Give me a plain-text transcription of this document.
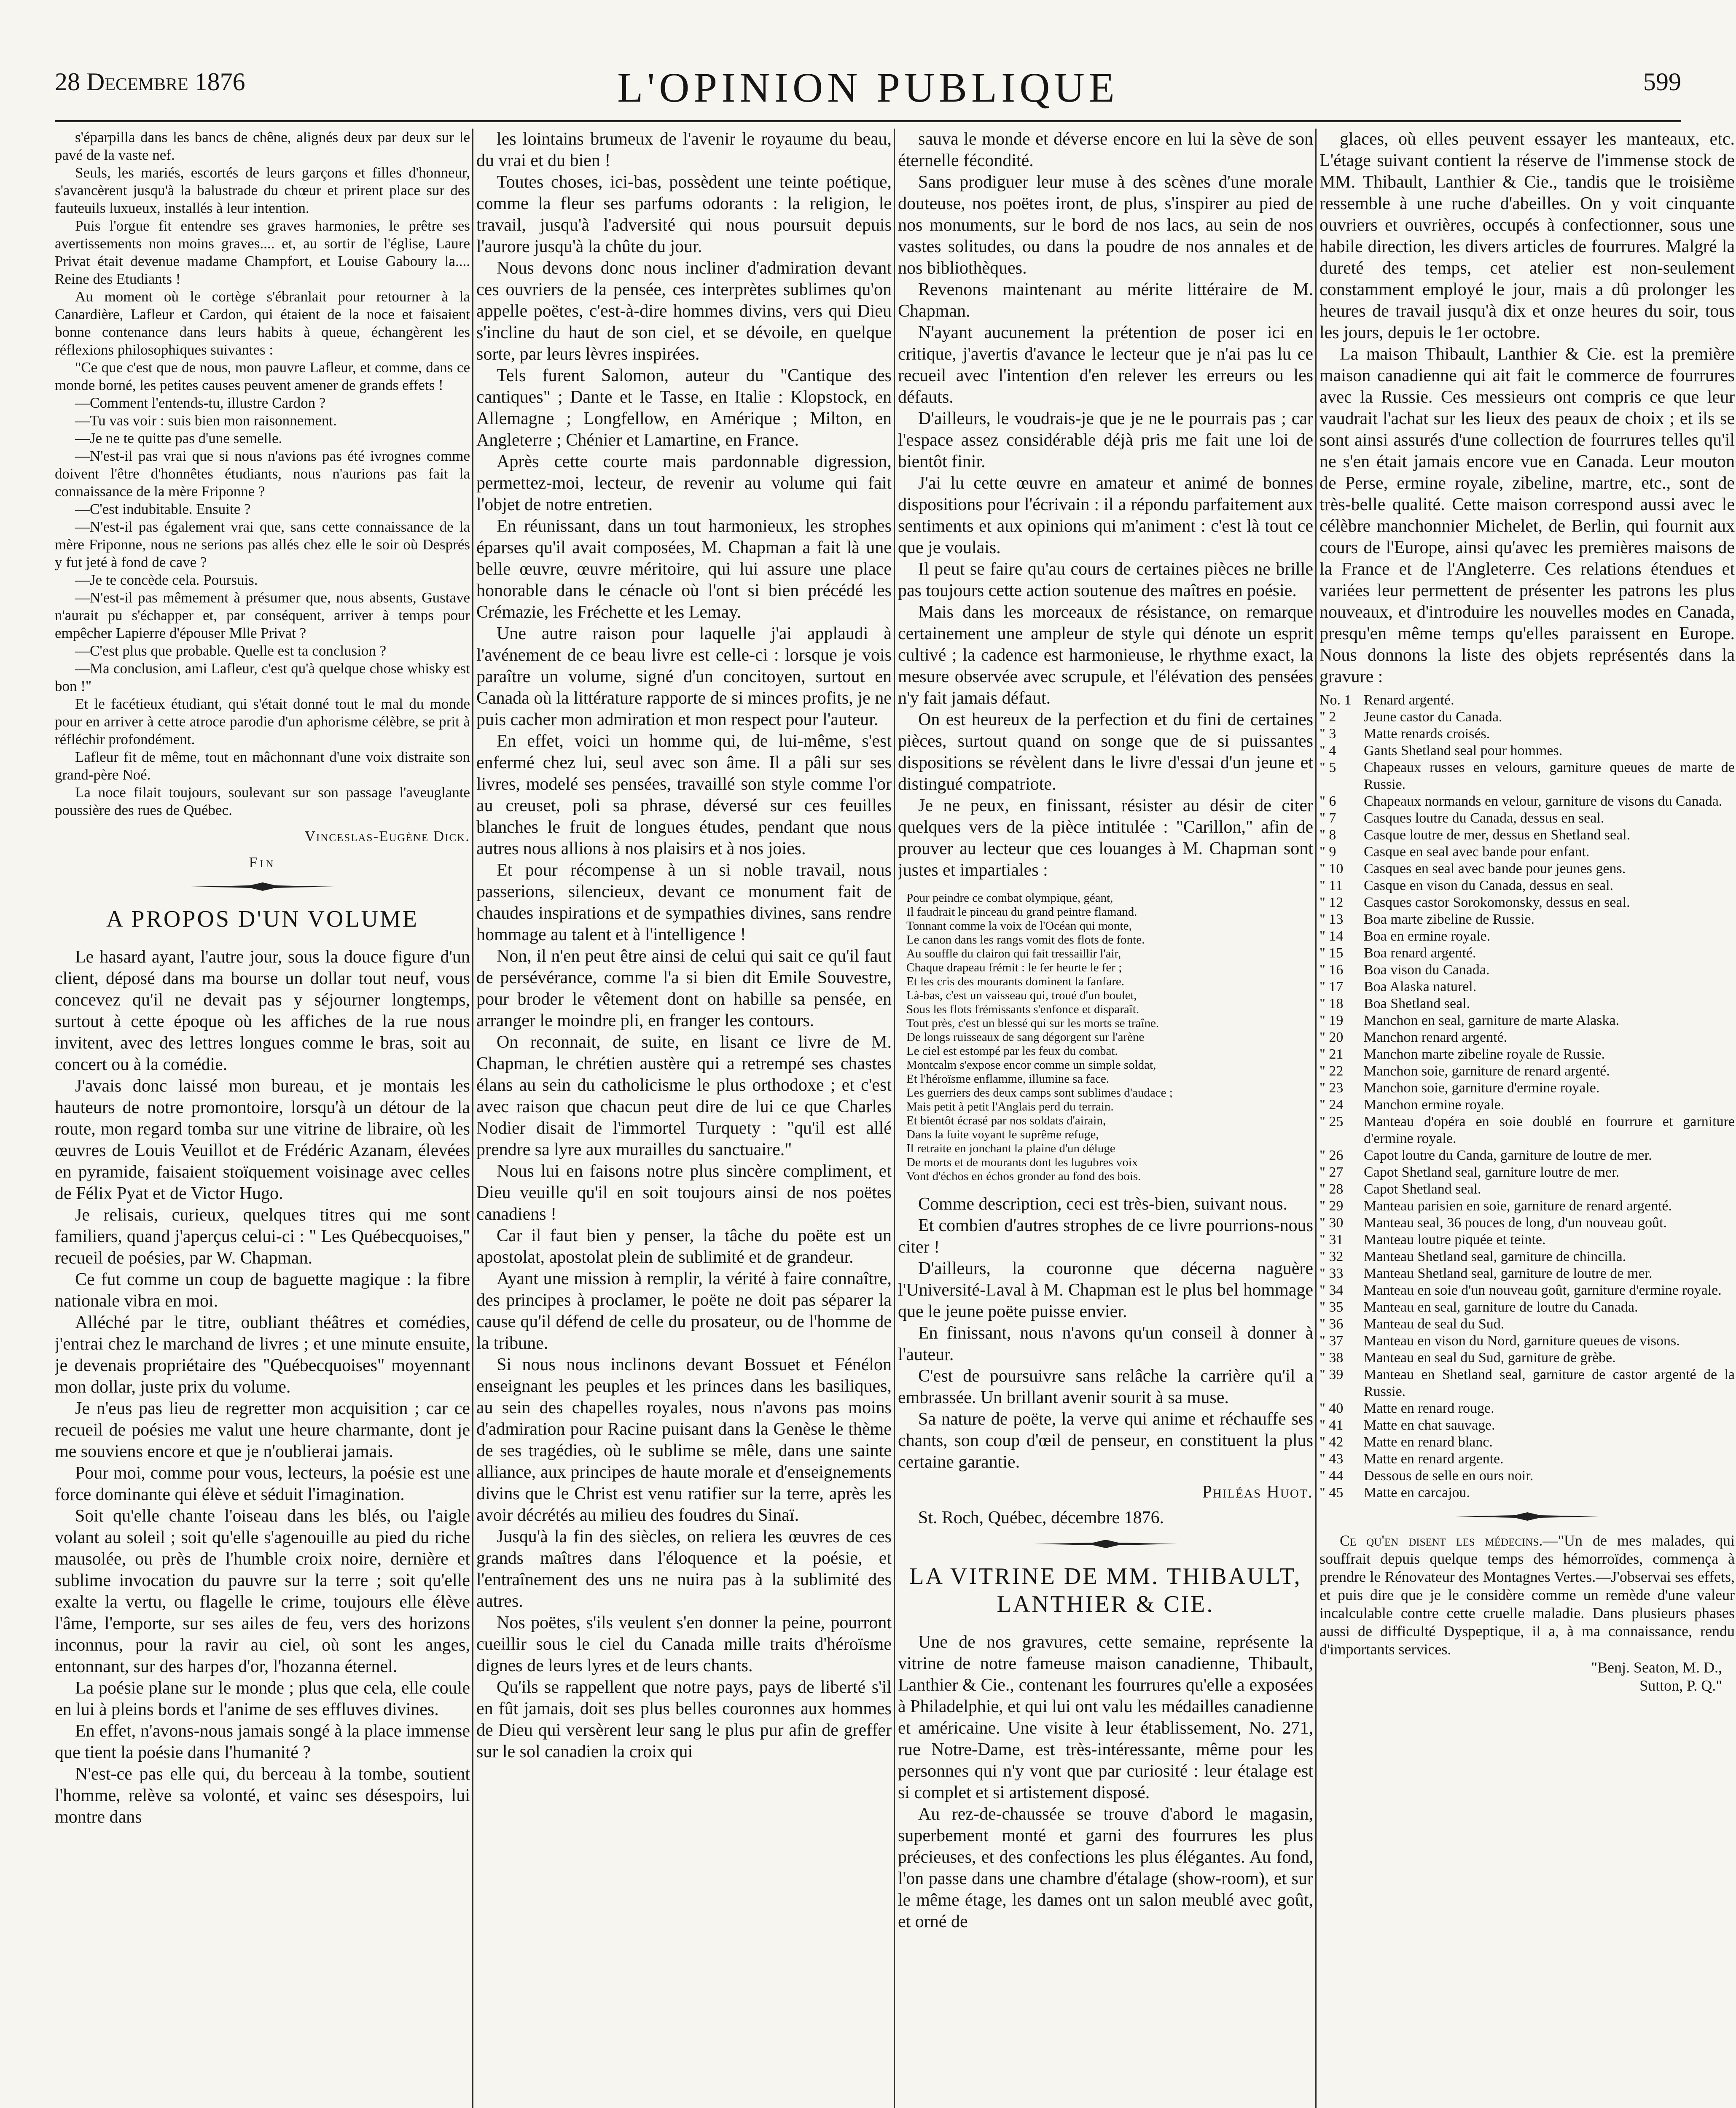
28 Decembre 1876	L'OPINION PUBLIQUE	599
s'éparpilla dans les bancs de chêne, alignés deux par deux sur le pavé de la vaste nef.
Seuls, les mariés, escortés de leurs garçons et filles d'honneur, s'avancèrent jusqu'à la balustrade du chœur et prirent place sur des fauteuils luxueux, installés à leur intention.
Puis l'orgue fit entendre ses graves harmonies, le prêtre ses avertissements non moins graves.... et, au sortir de l'église, Laure Privat était devenue madame Champfort, et Louise Gaboury la.... Reine des Etudiants !
Au moment où le cortège s'ébranlait pour retourner à la Canardière, Lafleur et Cardon, qui étaient de la noce et faisaient bonne contenance dans leurs habits à queue, échangèrent les réflexions philosophiques suivantes :
"Ce que c'est que de nous, mon pauvre Lafleur, et comme, dans ce monde borné, les petites causes peuvent amener de grands effets !
—Comment l'entends-tu, illustre Cardon ?
—Tu vas voir : suis bien mon raisonnement.
—Je ne te quitte pas d'une semelle.
—N'est-il pas vrai que si nous n'avions pas été ivrognes comme doivent l'être d'honnêtes étudiants, nous n'aurions pas fait la connaissance de la mère Friponne ?
—C'est indubitable. Ensuite ?
—N'est-il pas également vrai que, sans cette connaissance de la mère Friponne, nous ne serions pas allés chez elle le soir où Després y fut jeté à fond de cave ?
—Je te concède cela. Poursuis.
—N'est-il pas mêmement à présumer que, nous absents, Gustave n'aurait pu s'échapper et, par conséquent, arriver à temps pour empêcher Lapierre d'épouser Mlle Privat ?
—C'est plus que probable. Quelle est ta conclusion ?
—Ma conclusion, ami Lafleur, c'est qu'à quelque chose whisky est bon !"
Et le facétieux étudiant, qui s'était donné tout le mal du monde pour en arriver à cette atroce parodie d'un aphorisme célèbre, se prit à réfléchir profondément.
Lafleur fit de même, tout en mâchonnant d'une voix distraite son grand-père Noé.
La noce filait toujours, soulevant sur son passage l'aveuglante poussière des rues de Québec.
Vinceslas-Eugène Dick.
Fin
A PROPOS D'UN VOLUME
Le hasard ayant, l'autre jour, sous la douce figure d'un client, déposé dans ma bourse un dollar tout neuf, vous concevez qu'il ne devait pas y séjourner longtemps, surtout à cette époque où les affiches de la rue nous invitent, avec des lettres longues comme le bras, soit au concert ou à la comédie.
J'avais donc laissé mon bureau, et je montais les hauteurs de notre promontoire, lorsqu'à un détour de la route, mon regard tomba sur une vitrine de libraire, où les œuvres de Louis Veuillot et de Frédéric Azanam, élevées en pyramide, faisaient stoïquement voisinage avec celles de Félix Pyat et de Victor Hugo.
Je relisais, curieux, quelques titres qui me sont familiers, quand j'aperçus celui-ci : " Les Québecquoises," recueil de poésies, par W. Chapman.
Ce fut comme un coup de baguette magique : la fibre nationale vibra en moi.
Alléché par le titre, oubliant théâtres et comédies, j'entrai chez le marchand de livres ; et une minute ensuite, je devenais propriétaire des "Québecquoises" moyennant mon dollar, juste prix du volume.
Je n'eus pas lieu de regretter mon acquisition ; car ce recueil de poésies me valut une heure charmante, dont je me souviens encore et que je n'oublierai jamais.
Pour moi, comme pour vous, lecteurs, la poésie est une force dominante qui élève et séduit l'imagination.
Soit qu'elle chante l'oiseau dans les blés, ou l'aigle volant au soleil ; soit qu'elle s'agenouille au pied du riche mausolée, ou près de l'humble croix noire, dernière et sublime invocation du pauvre sur la terre ; soit qu'elle exalte la vertu, ou flagelle le crime, toujours elle élève l'âme, l'emporte, sur ses ailes de feu, vers des horizons inconnus, pour la ravir au ciel, où sont les anges, entonnant, sur des harpes d'or, l'hozanna éternel.
La poésie plane sur le monde ; plus que cela, elle coule en lui à pleins bords et l'anime de ses effluves divines.
En effet, n'avons-nous jamais songé à la place immense que tient la poésie dans l'humanité ?
N'est-ce pas elle qui, du berceau à la tombe, soutient l'homme, relève sa volonté, et vainc ses désespoirs, lui montre dans
les lointains brumeux de l'avenir le royaume du beau, du vrai et du bien !
Toutes choses, ici-bas, possèdent une teinte poétique, comme la fleur ses parfums odorants : la religion, le travail, jusqu'à l'adversité qui nous poursuit depuis l'aurore jusqu'à la chûte du jour.
Nous devons donc nous incliner d'admiration devant ces ouvriers de la pensée, ces interprètes sublimes qu'on appelle poëtes, c'est-à-dire hommes divins, vers qui Dieu s'incline du haut de son ciel, et se dévoile, en quelque sorte, par leurs lèvres inspirées.
Tels furent Salomon, auteur du "Cantique des cantiques" ; Dante et le Tasse, en Italie : Klopstock, en Allemagne ; Longfellow, en Amérique ; Milton, en Angleterre ; Chénier et Lamartine, en France.
Après cette courte mais pardonnable digression, permettez-moi, lecteur, de revenir au volume qui fait l'objet de notre entretien.
En réunissant, dans un tout harmonieux, les strophes éparses qu'il avait composées, M. Chapman a fait là une belle œuvre, œuvre méritoire, qui lui assure une place honorable dans le cénacle où l'ont si bien précédé les Crémazie, les Fréchette et les Lemay.
Une autre raison pour laquelle j'ai applaudi à l'avénement de ce beau livre est celle-ci : lorsque je vois paraître un volume, signé d'un concitoyen, surtout en Canada où la littérature rapporte de si minces profits, je ne puis cacher mon admiration et mon respect pour l'auteur.
En effet, voici un homme qui, de lui-même, s'est enfermé chez lui, seul avec son âme. Il a pâli sur ses livres, modelé ses pensées, travaillé son style comme l'or au creuset, poli sa phrase, déversé sur ces feuilles blanches le fruit de longues études, pendant que nous autres nous allions à nos plaisirs et à nos joies.
Et pour récompense à un si noble travail, nous passerions, silencieux, devant ce monument fait de chaudes inspirations et de sympathies divines, sans rendre hommage au talent et à l'intelligence !
Non, il n'en peut être ainsi de celui qui sait ce qu'il faut de persévérance, comme l'a si bien dit Emile Souvestre, pour broder le vêtement dont on habille sa pensée, en arranger le moindre pli, en franger les contours.
On reconnait, de suite, en lisant ce livre de M. Chapman, le chrétien austère qui a retrempé ses chastes élans au sein du catholicisme le plus orthodoxe ; et c'est avec raison que chacun peut dire de lui ce que Charles Nodier disait de l'immortel Turquety : "qu'il est allé prendre sa lyre aux murailles du sanctuaire."
Nous lui en faisons notre plus sincère compliment, et Dieu veuille qu'il en soit toujours ainsi de nos poëtes canadiens !
Car il faut bien y penser, la tâche du poëte est un apostolat, apostolat plein de sublimité et de grandeur.
Ayant une mission à remplir, la vérité à faire connaître, des principes à proclamer, le poëte ne doit pas séparer la cause qu'il défend de celle du prosateur, ou de l'homme de la tribune.
Si nous nous inclinons devant Bossuet et Fénélon enseignant les peuples et les princes dans les basiliques, au sein des chapelles royales, nous n'avons pas moins d'admiration pour Racine puisant dans la Genèse le thème de ses tragédies, où le sublime se mêle, dans une sainte alliance, aux principes de haute morale et d'enseignements divins que le Christ est venu ratifier sur la terre, après les avoir décrétés au milieu des foudres du Sinaï.
Jusqu'à la fin des siècles, on reliera les œuvres de ces grands maîtres dans l'éloquence et la poésie, et l'entraînement des uns ne nuira pas à la sublimité des autres.
Nos poëtes, s'ils veulent s'en donner la peine, pourront cueillir sous le ciel du Canada mille traits d'héroïsme dignes de leurs lyres et de leurs chants.
Qu'ils se rappellent que notre pays, pays de liberté s'il en fût jamais, doit ses plus belles couronnes aux hommes de Dieu qui versèrent leur sang le plus pur afin de greffer sur le sol canadien la croix qui
sauva le monde et déverse encore en lui la sève de son éternelle fécondité.
Sans prodiguer leur muse à des scènes d'une morale douteuse, nos poëtes iront, de plus, s'inspirer au pied de nos monuments, sur le bord de nos lacs, au sein de nos vastes solitudes, ou dans la poudre de nos annales et de nos bibliothèques.
Revenons maintenant au mérite littéraire de M. Chapman.
N'ayant aucunement la prétention de poser ici en critique, j'avertis d'avance le lecteur que je n'ai pas lu ce recueil avec l'intention d'en relever les erreurs ou les défauts.
D'ailleurs, le voudrais-je que je ne le pourrais pas ; car l'espace assez considérable déjà pris me fait une loi de bientôt finir.
J'ai lu cette œuvre en amateur et animé de bonnes dispositions pour l'écrivain : il a répondu parfaitement aux sentiments et aux opinions qui m'animent : c'est là tout ce que je voulais.
Il peut se faire qu'au cours de certaines pièces ne brille pas toujours cette action soutenue des maîtres en poésie.
Mais dans les morceaux de résistance, on remarque certainement une ampleur de style qui dénote un esprit cultivé ; la cadence est harmonieuse, le rhythme exact, la mesure observée avec scrupule, et l'élévation des pensées n'y fait jamais défaut.
On est heureux de la perfection et du fini de certaines pièces, surtout quand on songe que de si puissantes dispositions se révèlent dans le livre d'essai d'un jeune et distingué compatriote.
Je ne peux, en finissant, résister au désir de citer quelques vers de la pièce intitulée : "Carillon," afin de prouver au lecteur que ces louanges à M. Chapman sont justes et impartiales :
Pour peindre ce combat olympique, géant,
Il faudrait le pinceau du grand peintre flamand.
Tonnant comme la voix de l'Océan qui monte,
Le canon dans les rangs vomit des flots de fonte.
Au souffle du clairon qui fait tressaillir l'air,
Chaque drapeau frémit : le fer heurte le fer ;
Et les cris des mourants dominent la fanfare.
Là-bas, c'est un vaisseau qui, troué d'un boulet,
Sous les flots frémissants s'enfonce et disparaît.
Tout près, c'est un blessé qui sur les morts se traîne.
De longs ruisseaux de sang dégorgent sur l'arène
Le ciel est estompé par les feux du combat.
Montcalm s'expose encor comme un simple soldat,
Et l'héroïsme enflamme, illumine sa face.
Les guerriers des deux camps sont sublimes d'audace ;
Mais petit à petit l'Anglais perd du terrain.
Et bientôt écrasé par nos soldats d'airain,
Dans la fuite voyant le suprême refuge,
Il retraite en jonchant la plaine d'un déluge
De morts et de mourants dont les lugubres voix
Vont d'échos en échos gronder au fond des bois.
Comme description, ceci est très-bien, suivant nous.
Et combien d'autres strophes de ce livre pourrions-nous citer !
D'ailleurs, la couronne que décerna naguère l'Université-Laval à M. Chapman est le plus bel hommage que le jeune poëte puisse envier.
En finissant, nous n'avons qu'un conseil à donner à l'auteur.
C'est de poursuivre sans relâche la carrière qu'il a embrassée. Un brillant avenir sourit à sa muse.
Sa nature de poëte, la verve qui anime et réchauffe ses chants, son coup d'œil de penseur, en constituent la plus certaine garantie.
Philéas Huot.
St. Roch, Québec, décembre 1876.
LA VITRINE DE MM. THIBAULT, LANTHIER & CIE.
Une de nos gravures, cette semaine, représente la vitrine de notre fameuse maison canadienne, Thibault, Lanthier & Cie., contenant les fourrures qu'elle a exposées à Philadelphie, et qui lui ont valu les médailles canadienne et américaine. Une visite à leur établissement, No. 271, rue Notre-Dame, est très-intéressante, même pour les personnes qui n'y vont que par curiosité : leur étalage est si complet et si artistement disposé.
Au rez-de-chaussée se trouve d'abord le magasin, superbement monté et garni des fourrures les plus précieuses, et des confections les plus élégantes. Au fond, l'on passe dans une chambre d'étalage (show-room), et sur le même étage, les dames ont un salon meublé avec goût, et orné de
glaces, où elles peuvent essayer les manteaux, etc. L'étage suivant contient la réserve de l'immense stock de MM. Thibault, Lanthier & Cie., tandis que le troisième ressemble à une ruche d'abeilles. On y voit cinquante ouvriers et ouvrières, occupés à confectionner, sous une habile direction, les divers articles de fourrures. Malgré la dureté des temps, cet atelier est non-seulement constamment employé le jour, mais a dû prolonger les heures de travail jusqu'à dix et onze heures du soir, tous les jours, depuis le 1er octobre.
La maison Thibault, Lanthier & Cie. est la première maison canadienne qui ait fait le commerce de fourrures avec la Russie. Ces messieurs ont compris ce que leur vaudrait l'achat sur les lieux des peaux de choix ; et ils se sont ainsi assurés d'une collection de fourrures telles qu'il ne s'en était jamais encore vue en Canada. Leur mouton de Perse, ermine royale, zibeline, martre, etc., sont de très-belle qualité. Cette maison correspond aussi avec le célèbre manchonnier Michelet, de Berlin, qui fournit aux cours de l'Europe, ainsi qu'avec les premières maisons de la France et de l'Angleterre. Ces relations étendues et variées leur permettent de présenter les patrons les plus nouveaux, et d'introduire les nouvelles modes en Canada, presqu'en même temps qu'elles paraissent en Europe. Nous donnons la liste des objets représentés dans la gravure :
No. 1 Renard argenté.
" 2	Jeune castor du Canada.
" 3	Matte renards croisés.
" 4	Gants Shetland seal pour hommes.
" 5	Chapeaux russes en velours, garniture queues de marte de Russie.
" 6	Chapeaux normands en velour, garniture de visons du Canada.
" 7	Casques loutre du Canada, dessus en seal.
" 8	Casque loutre de mer, dessus en Shetland seal.
" 9	Casque en seal avec bande pour enfant.
" 10	Casques en seal avec bande pour jeunes gens.
" 11	Casque en vison du Canada, dessus en seal.
" 12	Casques castor Sorokomonsky, dessus en seal.
" 13	Boa marte zibeline de Russie.
" 14	Boa en ermine royale.
" 15	Boa renard argenté.
" 16	Boa vison du Canada.
" 17	Boa Alaska naturel.
" 18	Boa Shetland seal.
" 19	Manchon en seal, garniture de marte Alaska.
" 20	Manchon renard argenté.
" 21	Manchon marte zibeline royale de Russie.
" 22	Manchon soie, garniture de renard argenté.
" 23	Manchon soie, garniture d'ermine royale.
" 24	Manchon ermine royale.
" 25	Manteau d'opéra en soie doublé en fourrure et garniture d'ermine royale.
" 26	Capot loutre du Canda, garniture de loutre de mer.
" 27	Capot Shetland seal, garniture loutre de mer.
" 28	Capot Shetland seal.
" 29	Manteau parisien en soie, garniture de renard argenté.
" 30	Manteau seal, 36 pouces de long, d'un nouveau goût.
" 31	Manteau loutre piquée et teinte.
" 32	Manteau Shetland seal, garniture de chincilla.
" 33	Manteau Shetland seal, garniture de loutre de mer.
" 34	Manteau en soie d'un nouveau goût, garniture d'ermine royale.
" 35	Manteau en seal, garniture de loutre du Canada.
" 36	Manteau de seal du Sud.
" 37	Manteau en vison du Nord, garniture queues de visons.
" 38	Manteau en seal du Sud, garniture de grèbe.
" 39	Manteau en Shetland seal, garniture de castor argenté de la Russie.
" 40	Matte en renard rouge.
" 41	Matte en chat sauvage.
" 42	Matte en renard blanc.
" 43	Matte en renard argente.
" 44	Dessous de selle en ours noir.
" 45	Matte en carcajou.
Ce qu'en disent les médecins.—"Un de mes malades, qui souffrait depuis quelque temps des hémorroïdes, commença à prendre le Rénovateur des Montagnes Vertes.—J'observai ses effets, et puis dire que je le considère comme un remède d'une valeur incalculable contre cette cruelle maladie. Dans plusieurs phases aussi de difficulté Dyspeptique, il a, à ma connaissance, rendu d'importants services.
"Benj. Seaton, M. D.,
Sutton, P. Q."
